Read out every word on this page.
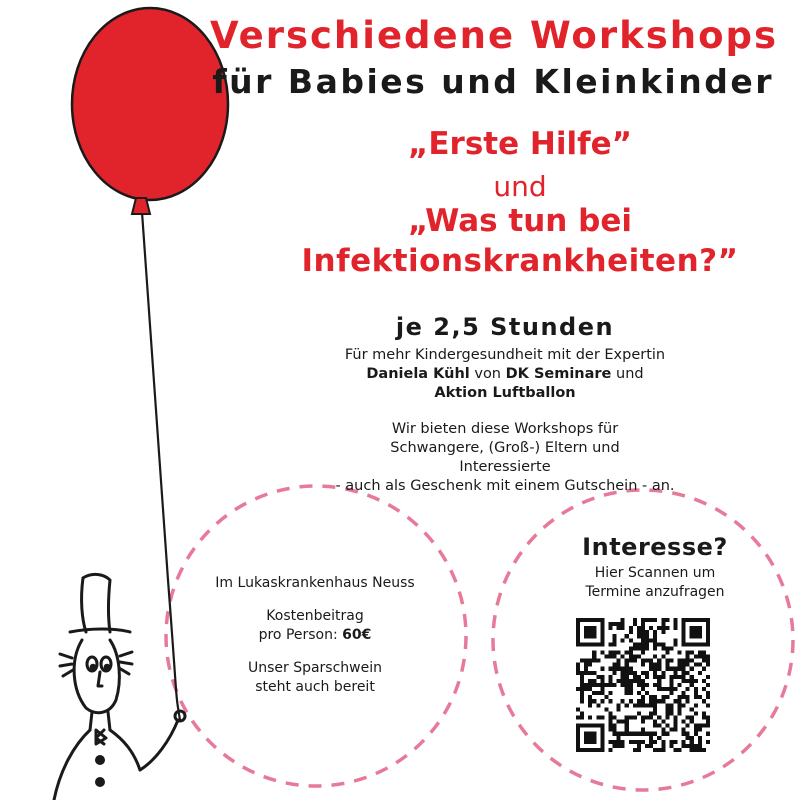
Verschiedene Workshops
für Babies und Kleinkinder
„Erste Hilfe”
und
„Was tun bei
Infektionskrankheiten?”
je 2,5 Stunden
Für mehr Kindergesundheit mit der Expertin
Daniela Kühl von DK Seminare und
Aktion Luftballon
Wir bieten diese Workshops für
Schwangere, (Groß-) Eltern und
Interessierte
- auch als Geschenk mit einem Gutschein - an.

Im Lukaskrankenhaus Neuss

Kostenbeitrag
pro Person: 60€

Unser Sparschwein
steht auch bereit

Interesse?
Hier Scannen um
Termine anzufragen
